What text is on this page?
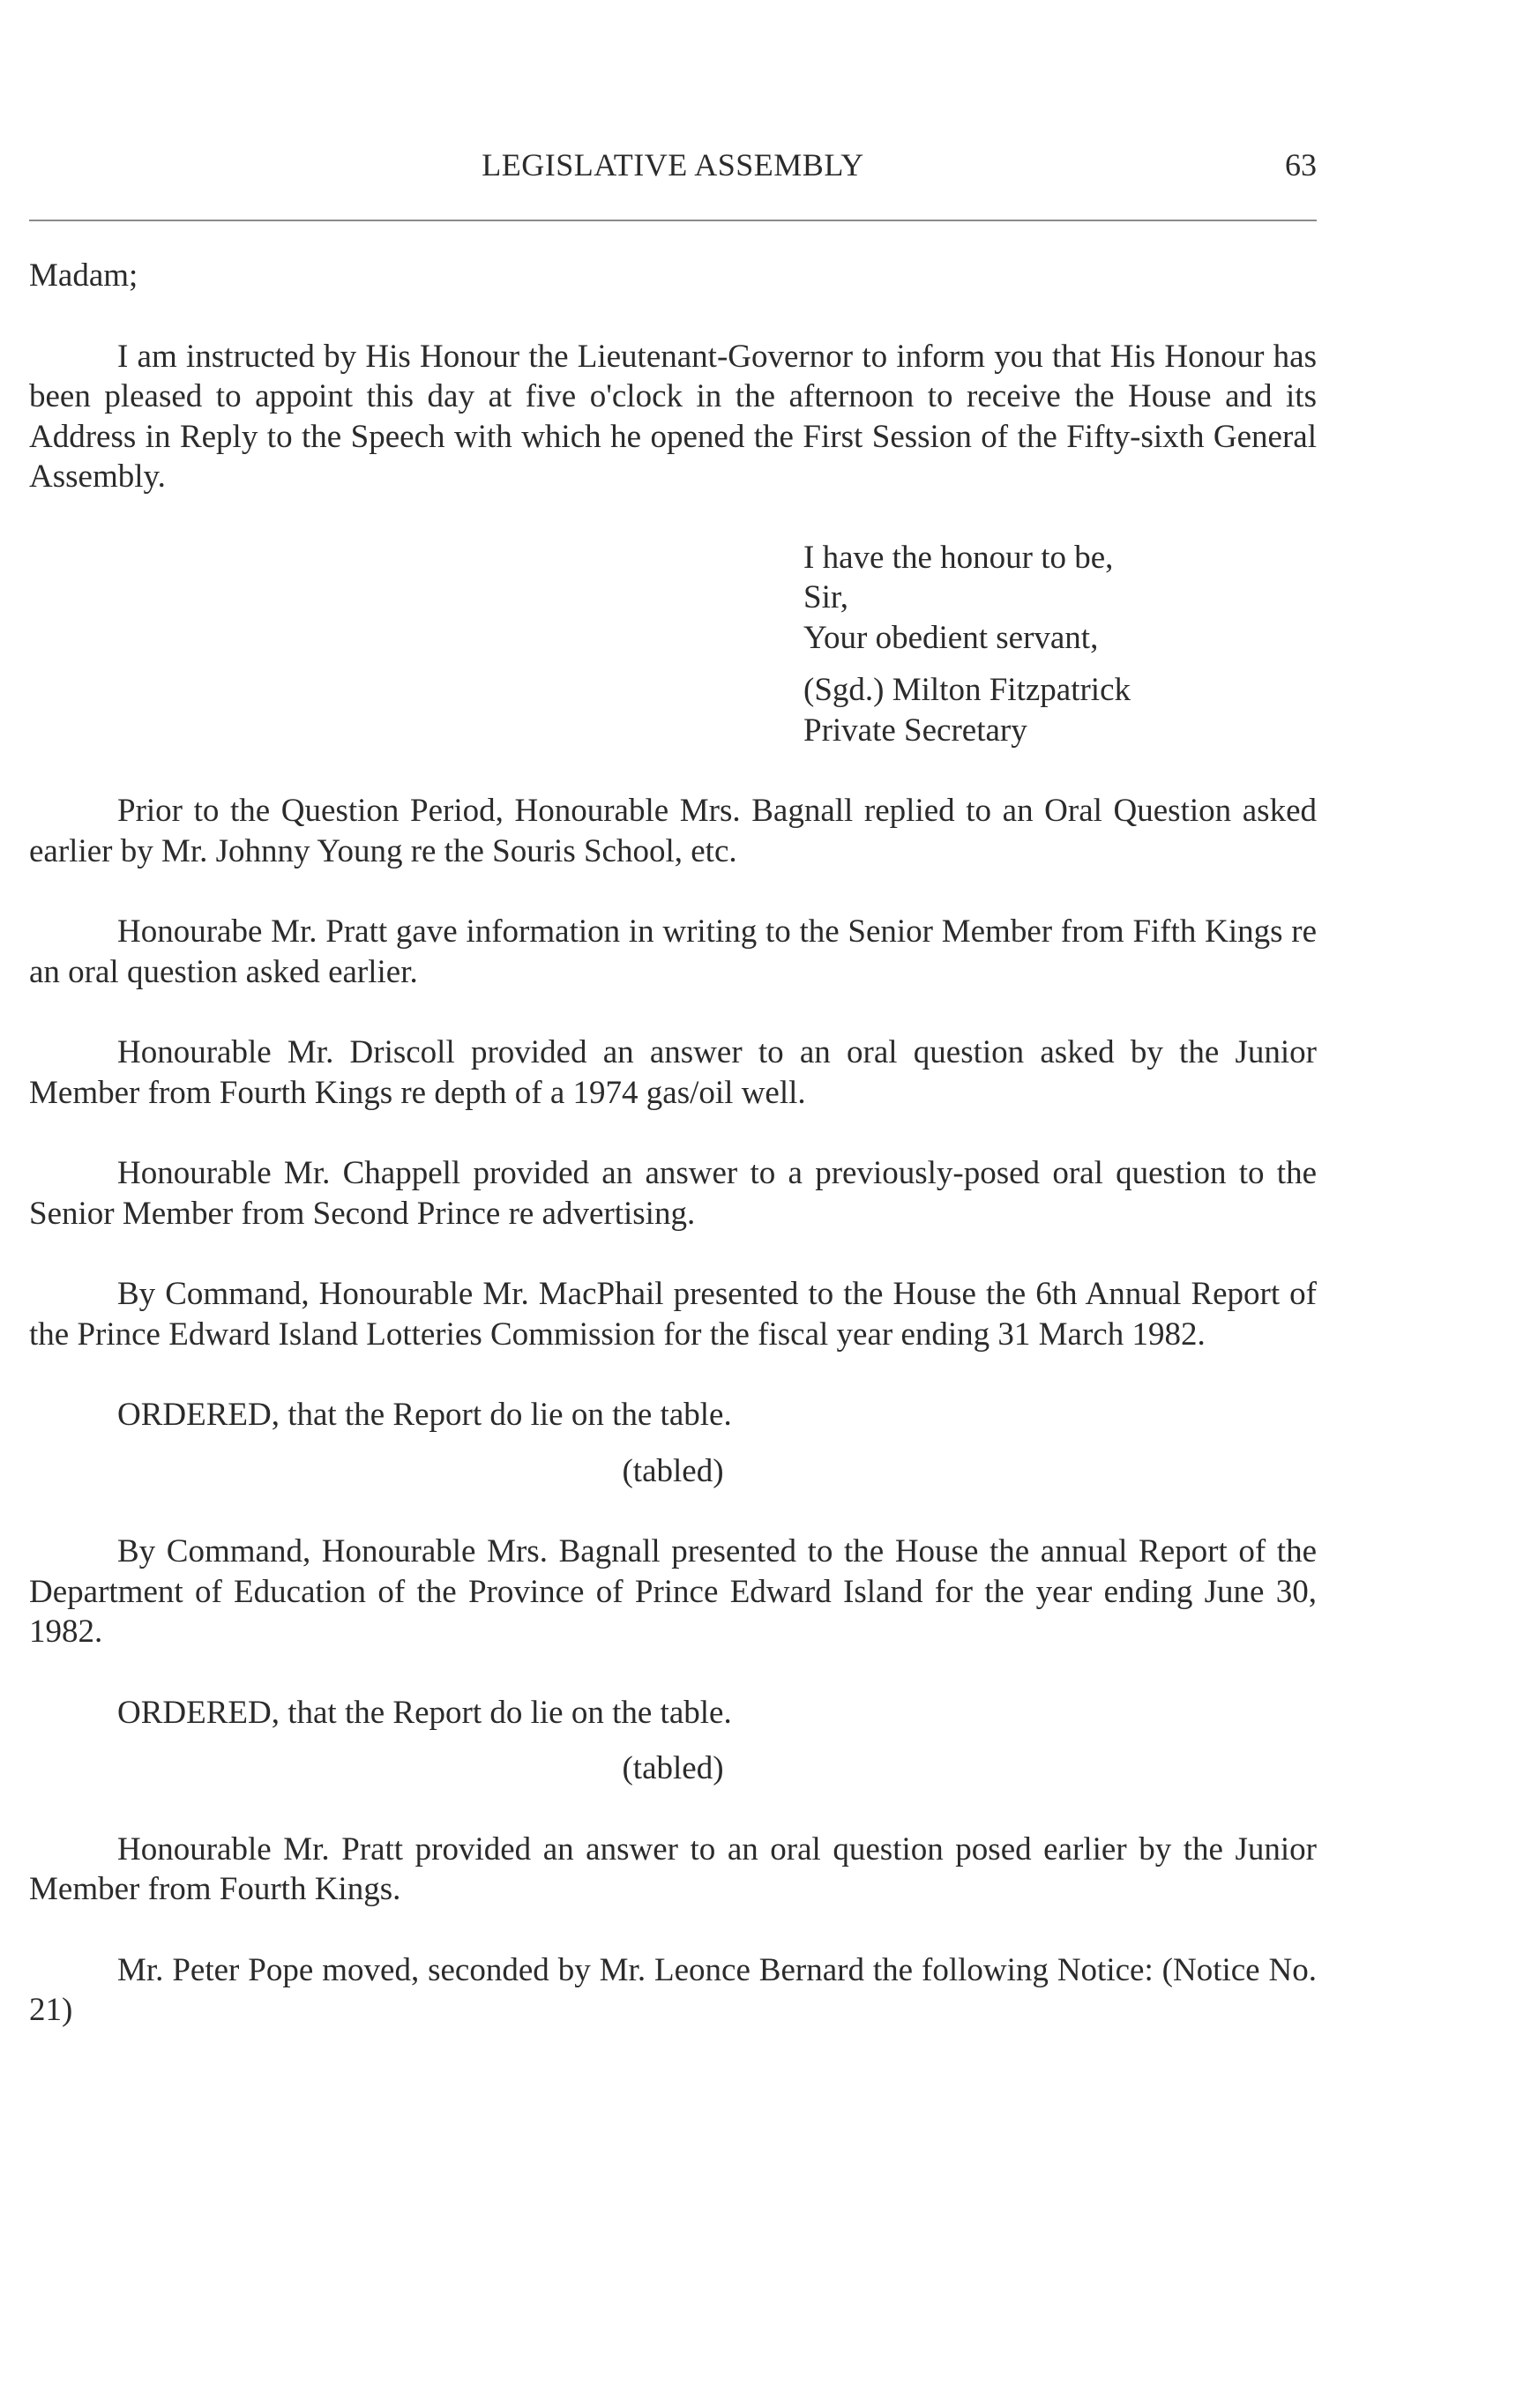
LEGISLATIVE ASSEMBLY	63

Madam;

I am instructed by His Honour the Lieutenant-Governor to inform you that His Honour has been pleased to appoint this day at five o'clock in the afternoon to receive the House and its Address in Reply to the Speech with which he opened the First Session of the Fifty-sixth General Assembly.

I have the honour to be,
Sir,
Your obedient servant,
(Sgd.) Milton Fitzpatrick
Private Secretary

Prior to the Question Period, Honourable Mrs. Bagnall replied to an Oral Question asked earlier by Mr. Johnny Young re the Souris School, etc.

Honourabe Mr. Pratt gave information in writing to the Senior Member from Fifth Kings re an oral question asked earlier.

Honourable Mr. Driscoll provided an answer to an oral question asked by the Junior Member from Fourth Kings re depth of a 1974 gas/oil well.

Honourable Mr. Chappell provided an answer to a previously-posed oral question to the Senior Member from Second Prince re advertising.

By Command, Honourable Mr. MacPhail presented to the House the 6th Annual Report of the Prince Edward Island Lotteries Commission for the fiscal year ending 31 March 1982.

ORDERED, that the Report do lie on the table.

(tabled)

By Command, Honourable Mrs. Bagnall presented to the House the annual Report of the Department of Education of the Province of Prince Edward Island for the year ending June 30, 1982.

ORDERED, that the Report do lie on the table.

(tabled)

Honourable Mr. Pratt provided an answer to an oral question posed earlier by the Junior Member from Fourth Kings.

Mr. Peter Pope moved, seconded by Mr. Leonce Bernard the following Notice: (Notice No. 21)
